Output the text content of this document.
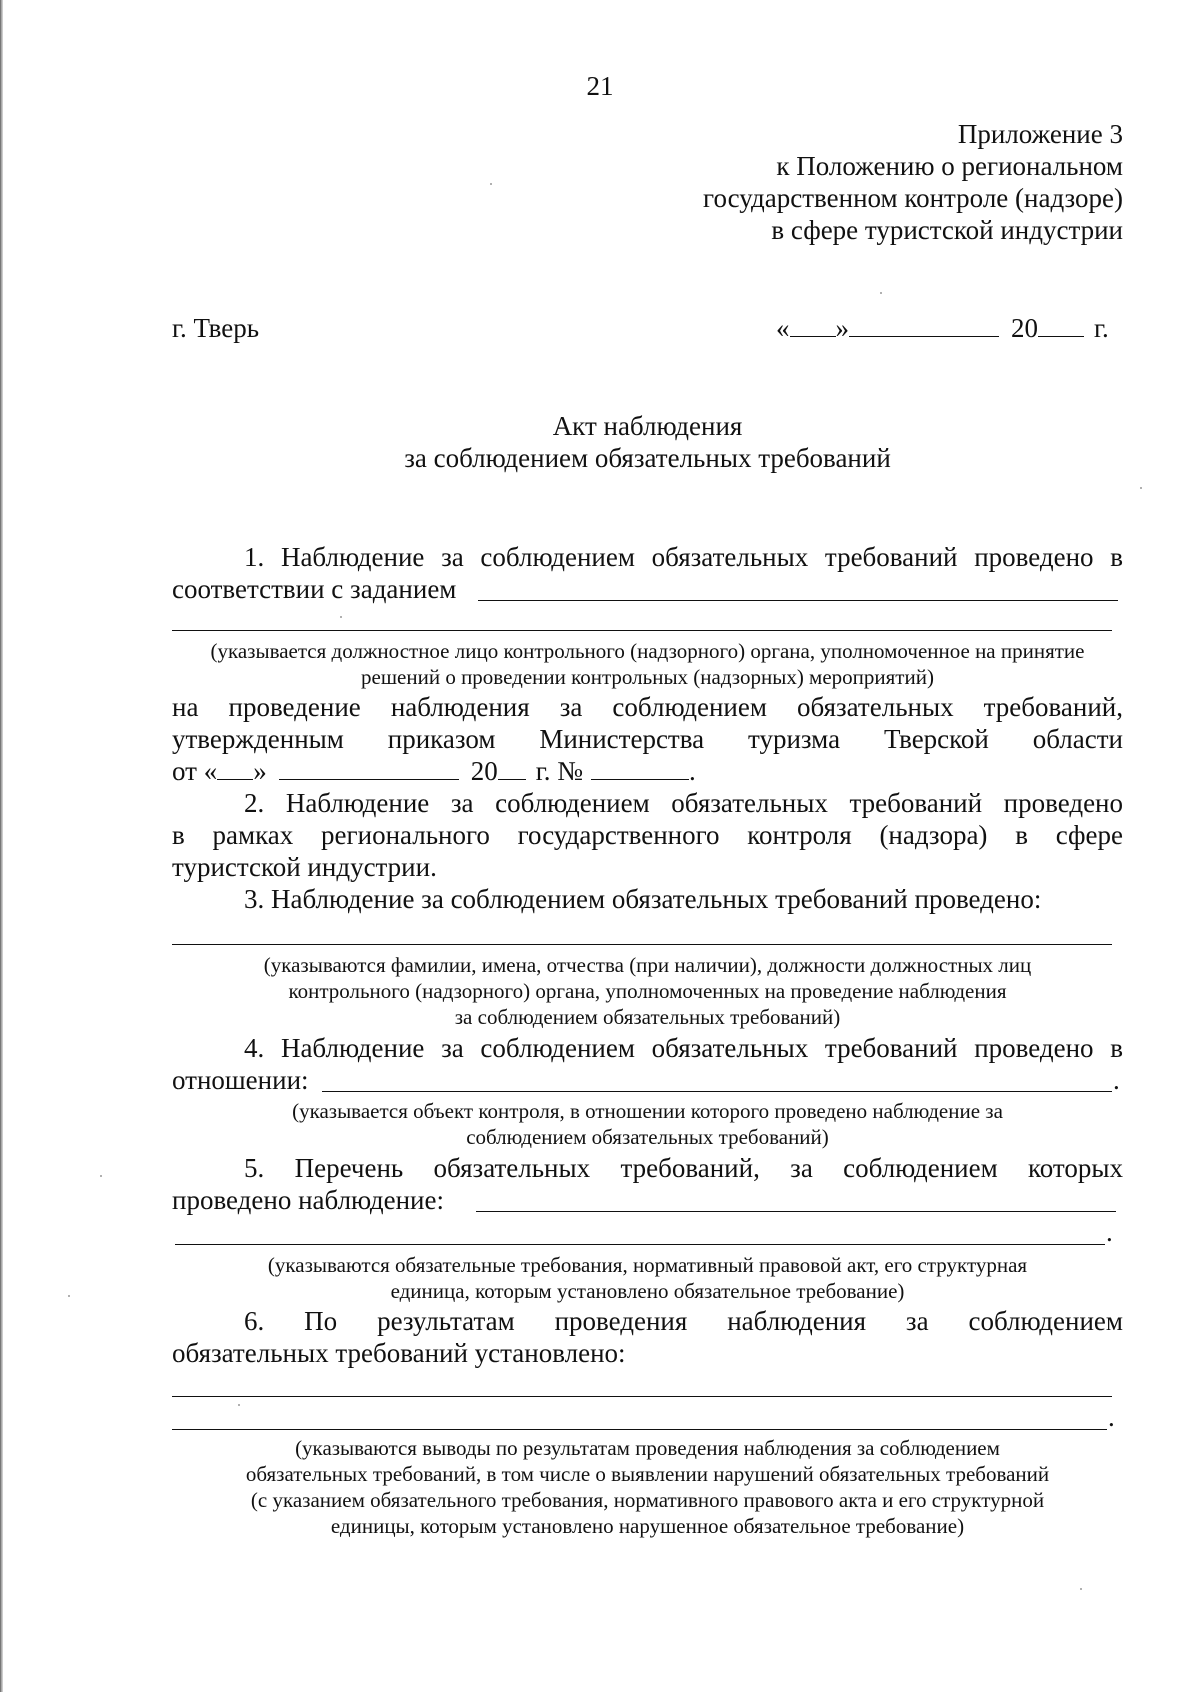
21
Приложение 3
к Положению о региональном
государственном контроле (надзоре)
в сфере туристской индустрии
г. Тверь	« »	20 г.
Акт наблюдения
за соблюдением обязательных требований
1. Наблюдение за соблюдением обязательных требований проведено в
соответствии с заданием
(указывается должностное лицо контрольного (надзорного) органа, уполномоченное на принятие
решений о проведении контрольных (надзорных) мероприятий)
на проведение наблюдения за соблюдением обязательных требований,
утвержденным приказом Министерства туризма Тверской области
от « »	20 г. №	.
2. Наблюдение за соблюдением обязательных требований проведено
в рамках регионального государственного контроля (надзора) в сфере
туристской индустрии.
3. Наблюдение за соблюдением обязательных требований проведено:
(указываются фамилии, имена, отчества (при наличии), должности должностных лиц
контрольного (надзорного) органа, уполномоченных на проведение наблюдения
за соблюдением обязательных требований)
4. Наблюдение за соблюдением обязательных требований проведено в
отношении:	.
(указывается объект контроля, в отношении которого проведено наблюдение за
соблюдением обязательных требований)
5. Перечень обязательных требований, за соблюдением которых
проведено наблюдение:
.
(указываются обязательные требования, нормативный правовой акт, его структурная
единица, которым установлено обязательное требование)
6. По результатам проведения наблюдения за соблюдением
обязательных требований установлено:
.
(указываются выводы по результатам проведения наблюдения за соблюдением
обязательных требований, в том числе о выявлении нарушений обязательных требований
(с указанием обязательного требования, нормативного правового акта и его структурной
единицы, которым установлено нарушенное обязательное требование)
